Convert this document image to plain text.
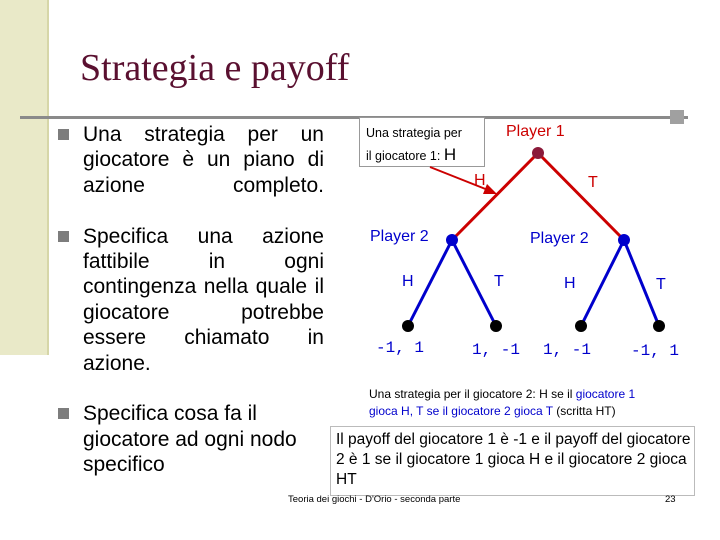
Strategia e payoff
Una strategia per un giocatore è un piano di azione completo.
Specifica una azione fattibile in ogni contingenza nella quale il giocatore potrebbe essere chiamato in azione.
Specifica cosa fa il giocatore ad ogni nodo specifico
Una strategia per
il giocatore 1: H
Player 1
H	T
Player 2	Player 2
H	T	H	T
-1, 1	1, -1 1, -1 -1, 1
Una strategia per il giocatore 2: H se il giocatore 1
gioca H, T se il giocatore 2 gioca T (scritta HT)
Il payoff del giocatore 1 è -1 e il payoff del giocatore 2 è 1 se il giocatore 1 gioca H e il giocatore 2 gioca HT
Teoria dei giochi - D'Orio - seconda parte	23
